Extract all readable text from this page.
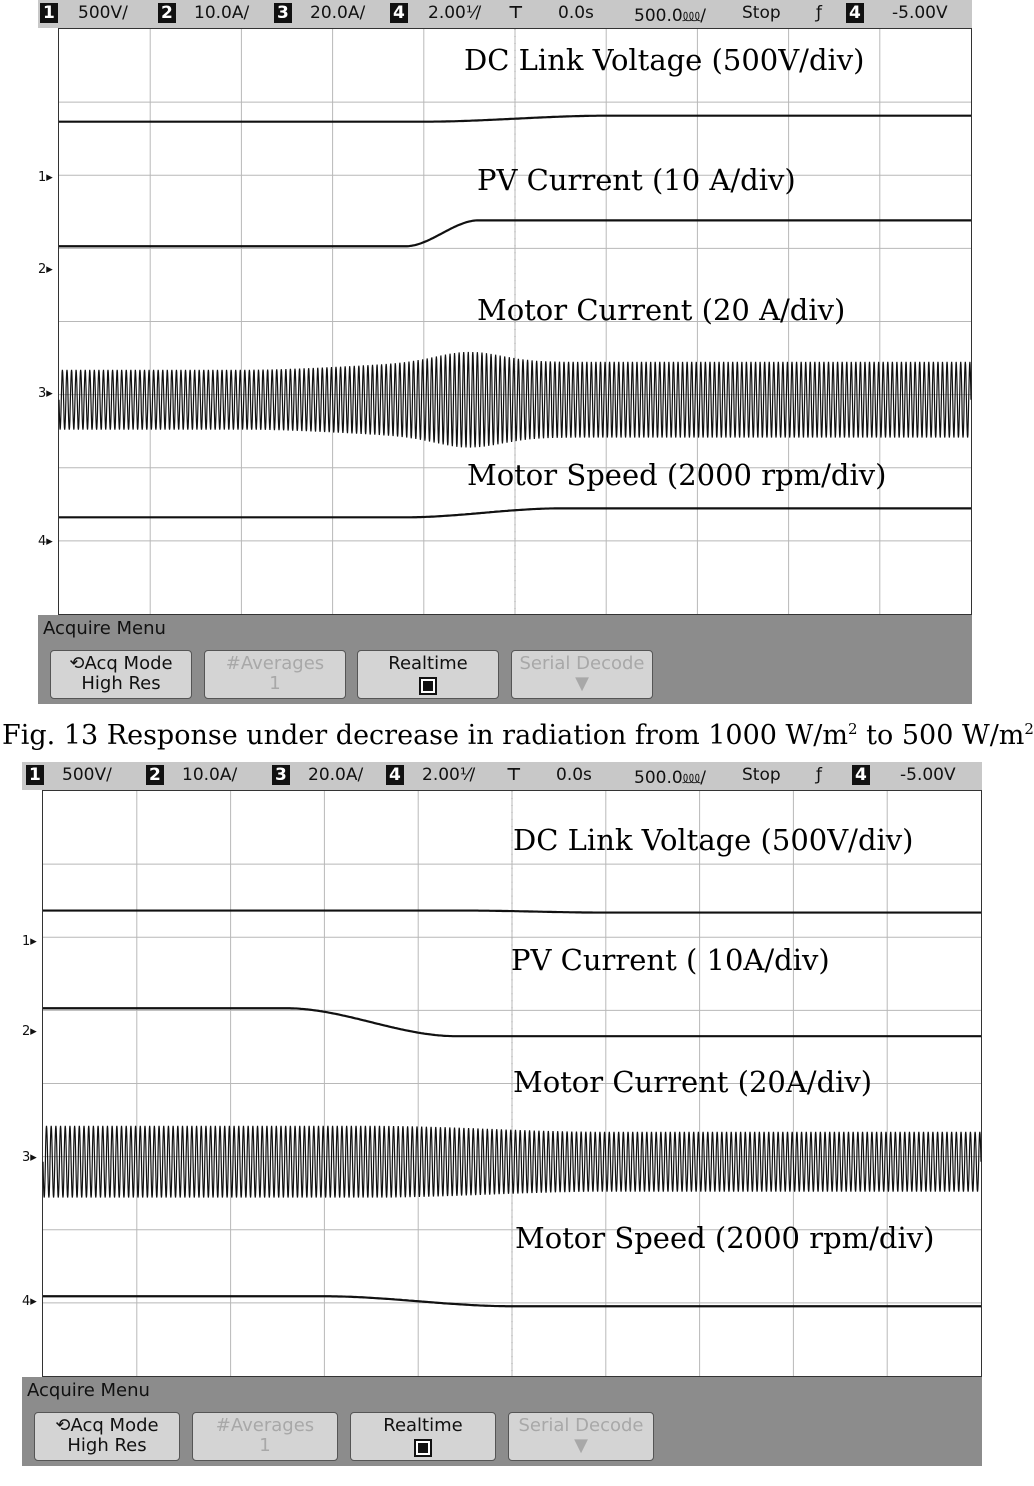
1 500V/ 2 10.0A/ 3 20.0A/ 4 2.00⅟/ ⊤ 0.0s 500.0⅏/ Stop ƒ 4 -5.00V
DC Link Voltage (500V/div)
PV Current (10 A/div)
Motor Current (20 A/div)
Motor Speed (2000 rpm/div)
1▸
2▸
3▸
4▸
Acquire Menu
⟲Acq Mode
High Res
#Averages
1
Realtime	Serial Decode
▼
Fig. 13 Response under decrease in radiation from 1000 $W/m^2$ to 500 $W/m^2$
1 500V/ 2 10.0A/ 3 20.0A/ 4 2.00⅟/ ⊤ 0.0s 500.0⅏/ Stop ƒ 4 -5.00V
DC Link Voltage (500V/div)
PV Current ( 10A/div)
Motor Current (20A/div)
Motor Speed (2000 rpm/div)
1▸
2▸
3▸
4▸
Acquire Menu
⟲Acq Mode
High Res
#Averages
1
Realtime	Serial Decode
▼
